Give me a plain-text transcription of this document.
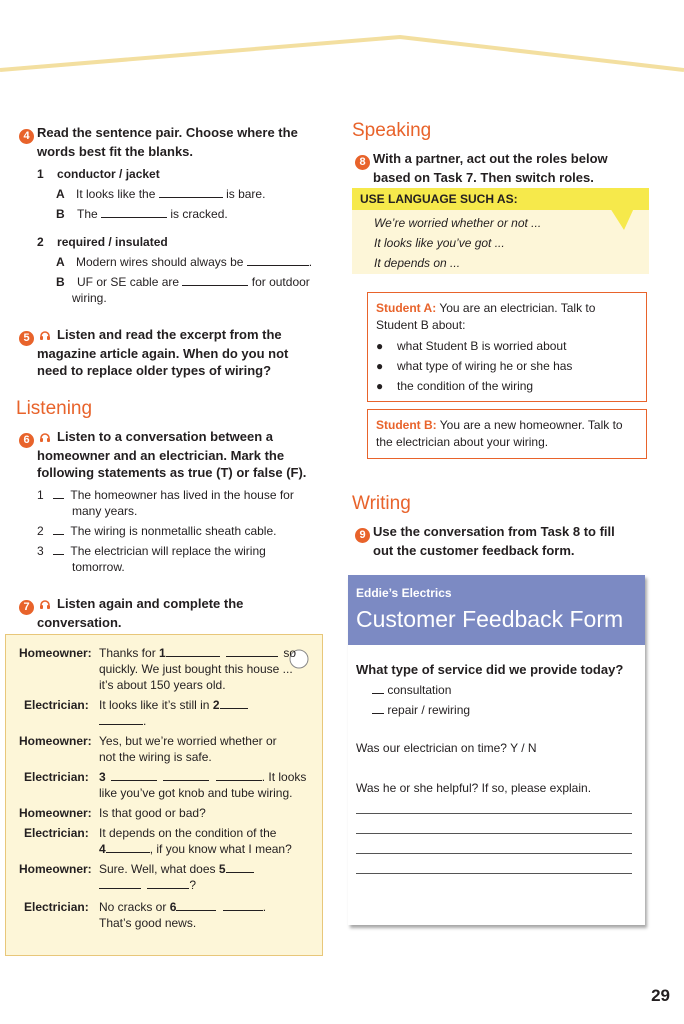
4 Read the sentence pair. Choose where the
words best fit the blanks.
1 conductor / jacket
A It looks like the	is bare.
B The	is cracked.
2 required / insulated
A Modern wires should always be	.
B UF or SE cable are	for outdoor
wiring.
5 Listen and read the excerpt from the
magazine article again. When do you not
need to replace older types of wiring?
Listening
6 Listen to a conversation between a
homeowner and an electrician. Mark the
following statements as true (T) or false (F).
1 The homeowner has lived in the house for
many years.
2 The wiring is nonmetallic sheath cable.
3 The electrician will replace the wiring
tomorrow.
7 Listen again and complete the
conversation.
Homeowner: Thanks for 1	so
quickly. We just bought this house ...
it’s about 150 years old.
Electrician: It looks like it’s still in 2
.
Homeowner: Yes, but we’re worried whether or
not the wiring is safe.
Electrician: 3	. It looks
like you’ve got knob and tube wiring.
Homeowner: Is that good or bad?
Electrician: It depends on the condition of the
4	, if you know what I mean?
Homeowner: Sure. Well, what does 5
?
Electrician: No cracks or 6	.
That’s good news.
Speaking
8 With a partner, act out the roles below
based on Task 7. Then switch roles.
USE LANGUAGE SUCH AS:
We’re worried whether or not ...
It looks like you’ve got ...
It depends on ...
Student A: You are an electrician. Talk to
Student B about:
● what Student B is worried about
● what type of wiring he or she has
● the condition of the wiring
Student B: You are a new homeowner. Talk to
the electrician about your wiring.
Writing
9 Use the conversation from Task 8 to fill
out the customer feedback form.
Eddie’s Electrics
Customer Feedback Form
What type of service did we provide today?
consultation
repair / rewiring
Was our electrician on time? Y / N
Was he or she helpful? If so, please explain.
29
